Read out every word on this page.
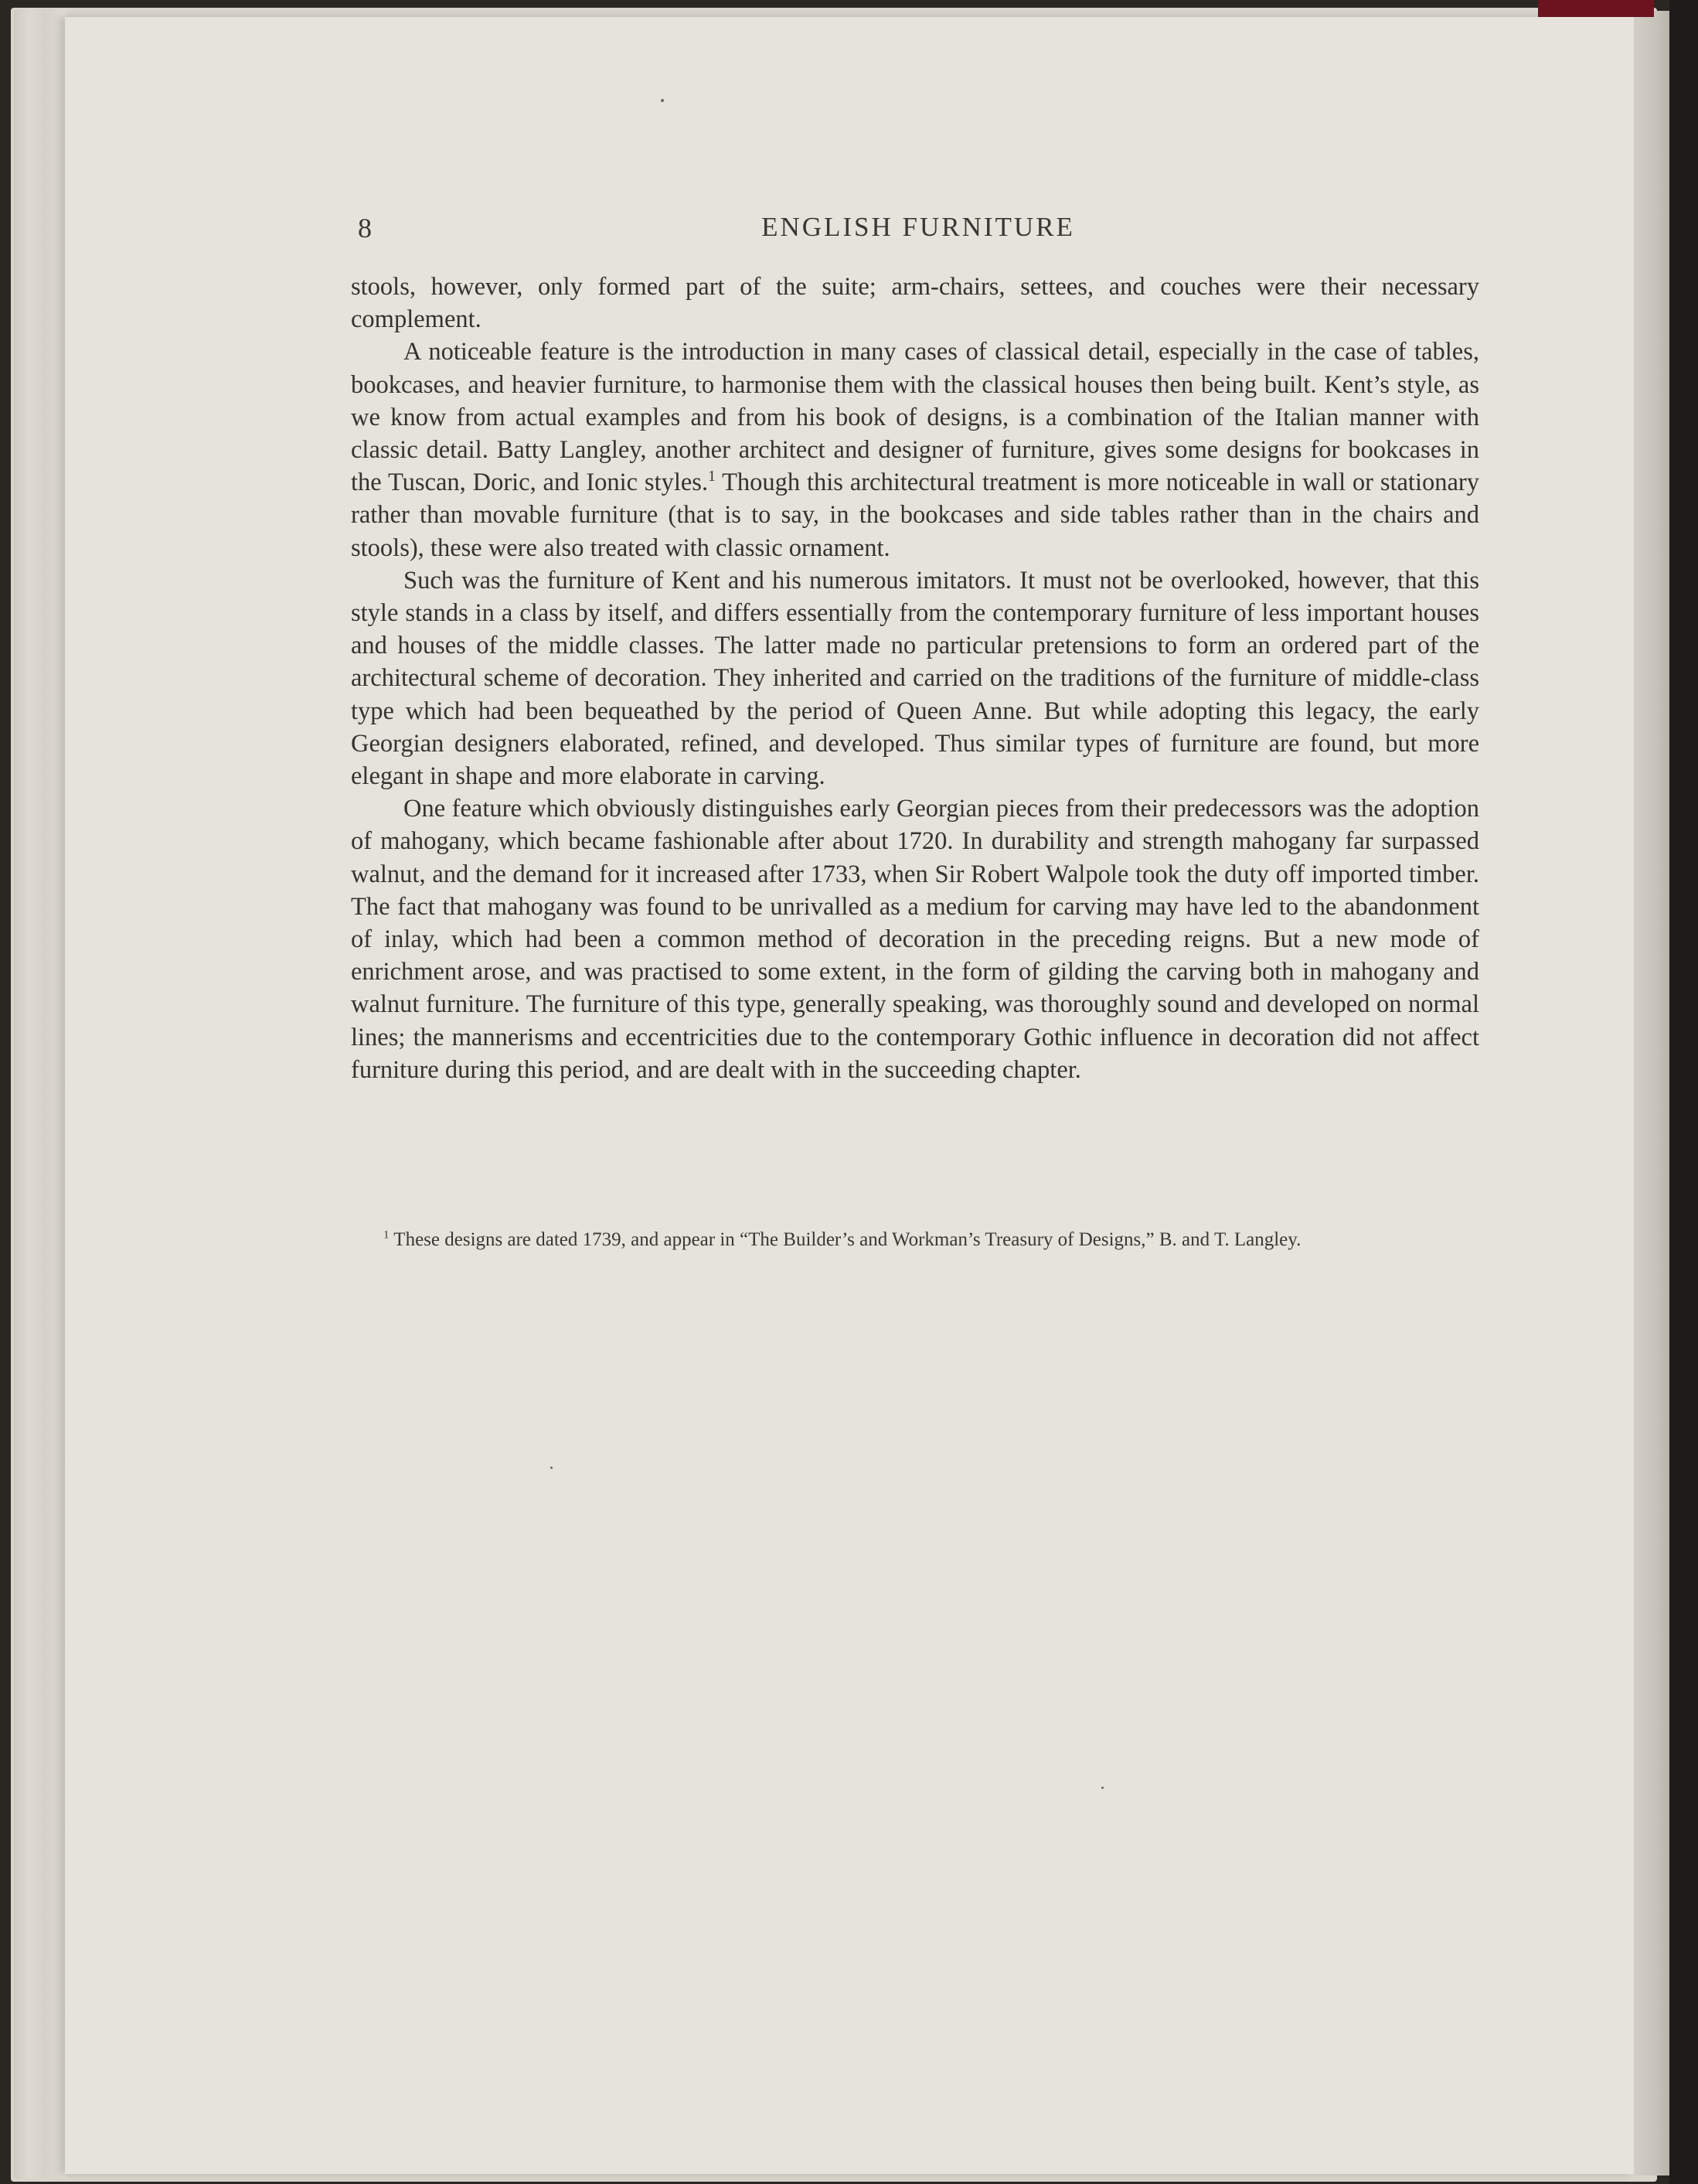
8	ENGLISH FURNITURE

stools, however, only formed part of the suite; arm-chairs, settees, and couches were their necessary complement.

A noticeable feature is the introduction in many cases of classical detail, especially in the case of tables, bookcases, and heavier furniture, to harmonise them with the classical houses then being built. Kent’s style, as we know from actual examples and from his book of designs, is a combination of the Italian manner with classic detail. Batty Langley, another architect and designer of furniture, gives some designs for bookcases in the Tuscan, Doric, and Ionic styles.$^1$ Though this architectural treatment is more noticeable in wall or stationary rather than movable furniture (that is to say, in the bookcases and side tables rather than in the chairs and stools), these were also treated with classic ornament.

Such was the furniture of Kent and his numerous imitators. It must not be overlooked, however, that this style stands in a class by itself, and differs essentially from the contemporary furniture of less important houses and houses of the middle classes. The latter made no particular pretensions to form an ordered part of the architectural scheme of decoration. They inherited and carried on the traditions of the furniture of middle-class type which had been bequeathed by the period of Queen Anne. But while adopting this legacy, the early Georgian designers elaborated, refined, and developed. Thus similar types of furniture are found, but more elegant in shape and more elaborate in carving.

One feature which obviously distinguishes early Georgian pieces from their predecessors was the adoption of mahogany, which became fashionable after about 1720. In durability and strength mahogany far surpassed walnut, and the demand for it increased after 1733, when Sir Robert Walpole took the duty off imported timber. The fact that mahogany was found to be unrivalled as a medium for carving may have led to the abandonment of inlay, which had been a common method of decoration in the preceding reigns. But a new mode of enrichment arose, and was practised to some extent, in the form of gilding the carving both in mahogany and walnut furniture. The furniture of this type, generally speaking, was thoroughly sound and developed on normal lines; the mannerisms and eccentricities due to the contemporary Gothic influence in decoration did not affect furniture during this period, and are dealt with in the succeeding chapter.

$^1$ These designs are dated 1739, and appear in “The Builder’s and Workman’s Treasury of Designs,” B. and T. Langley.
